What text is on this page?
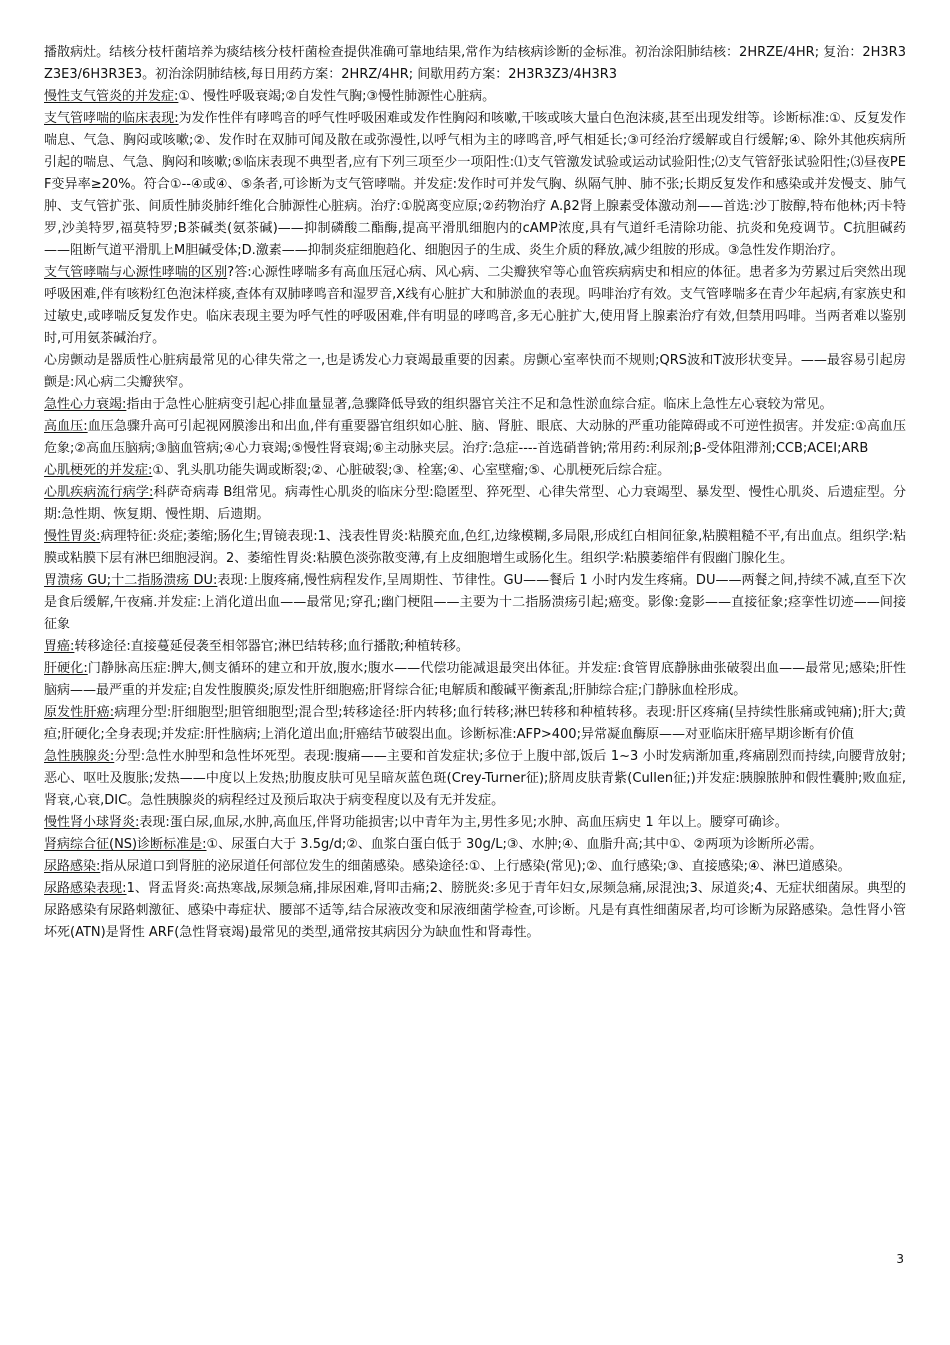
播散病灶。结核分枝杆菌培养为痰结核分枝杆菌检查提供准确可靠地结果,常作为结核病诊断的金标准。初治涂阳肺结核：2HRZE/4HR; 复治：2H3R3Z3E3/6H3R3E3。初治涂阴肺结核,每日用药方案：2HRZ/4HR; 间歇用药方案：2H3R3Z3/4H3R3

慢性支气管炎的并发症:①、慢性呼吸衰竭;②自发性气胸;③慢性肺源性心脏病。

支气管哮喘的临床表现:为发作性伴有哮鸣音的呼气性呼吸困难或发作性胸闷和咳嗽,干咳或咳大量白色泡沫痰,甚至出现发绀等。诊断标准:①、反复发作喘息、气急、胸闷或咳嗽;②、发作时在双肺可闻及散在或弥漫性,以呼气相为主的哮鸣音,呼气相延长;③可经治疗缓解或自行缓解;④、除外其他疾病所引起的喘息、气急、胸闷和咳嗽;⑤临床表现不典型者,应有下列三项至少一项阳性:⑴支气管激发试验或运动试验阳性;⑵支气管舒张试验阳性;⑶昼夜PEF变异率≥20%。符合①--④或④、⑤条者,可诊断为支气管哮喘。并发症:发作时可并发气胸、纵隔气肿、肺不张;长期反复发作和感染或并发慢支、肺气肿、支气管扩张、间质性肺炎肺纤维化合肺源性心脏病。治疗:①脱离变应原;②药物治疗 A.β2肾上腺素受体激动剂——首选:沙丁胺醇,特布他林;丙卡特罗,沙美特罗,福莫特罗;B茶碱类(氨茶碱)——抑制磷酸二酯酶,提高平滑肌细胞内的cAMP浓度,具有气道纤毛清除功能、抗炎和免疫调节。C抗胆碱药——阻断气道平滑肌上M胆碱受体;D.激素——抑制炎症细胞趋化、细胞因子的生成、炎生介质的释放,减少组胺的形成。③急性发作期治疗。

支气管哮喘与心源性哮喘的区别?答:心源性哮喘多有高血压冠心病、风心病、二尖瓣狭窄等心血管疾病病史和相应的体征。患者多为劳累过后突然出现呼吸困难,伴有咳粉红色泡沫样痰,查体有双肺哮鸣音和湿罗音,X线有心脏扩大和肺淤血的表现。吗啡治疗有效。支气管哮喘多在青少年起病,有家族史和过敏史,或哮喘反复发作史。临床表现主要为呼气性的呼吸困难,伴有明显的哮鸣音,多无心脏扩大,使用肾上腺素治疗有效,但禁用吗啡。当两者难以鉴别时,可用氨茶碱治疗。

心房颤动是器质性心脏病最常见的心律失常之一,也是诱发心力衰竭最重要的因素。房颤心室率快而不规则;QRS波和T波形状变异。——最容易引起房颤是:风心病二尖瓣狭窄。

急性心力衰竭:指由于急性心脏病变引起心排血量显著,急骤降低导致的组织器官关注不足和急性淤血综合症。临床上急性左心衰较为常见。

高血压:血压急骤升高可引起视网膜渗出和出血,伴有重要器官组织如心脏、脑、肾脏、眼底、大动脉的严重功能障碍或不可逆性损害。并发症:①高血压危象;②高血压脑病;③脑血管病;④心力衰竭;⑤慢性肾衰竭;⑥主动脉夹层。治疗:急症----首选硝普钠;常用药:利尿剂;β-受体阻滞剂;CCB;ACEI;ARB

心肌梗死的并发症:①、乳头肌功能失调或断裂;②、心脏破裂;③、栓塞;④、心室壁瘤;⑤、心肌梗死后综合症。

心肌疾病流行病学:科萨奇病毒 B组常见。病毒性心肌炎的临床分型:隐匿型、猝死型、心律失常型、心力衰竭型、暴发型、慢性心肌炎、后遗症型。分期:急性期、恢复期、慢性期、后遗期。

慢性胃炎:病理特征:炎症;萎缩;肠化生;胃镜表现:1、浅表性胃炎:粘膜充血,色红,边缘模糊,多局限,形成红白相间征象,粘膜粗糙不平,有出血点。组织学:粘膜或粘膜下层有淋巴细胞浸润。2、萎缩性胃炎:粘膜色淡弥散变薄,有上皮细胞增生或肠化生。组织学:粘膜萎缩伴有假幽门腺化生。

胃溃疡 GU;十二指肠溃疡 DU:表现:上腹疼痛,慢性病程发作,呈周期性、节律性。GU——餐后 1 小时内发生疼痛。DU——两餐之间,持续不减,直至下次是食后缓解,午夜痛.并发症:上消化道出血——最常见;穿孔;幽门梗阻——主要为十二指肠溃疡引起;癌变。影像:龛影——直接征象;痉挛性切迹——间接征象

胃癌:转移途径:直接蔓延侵袭至相邻器官;淋巴结转移;血行播散;种植转移。

肝硬化:门静脉高压症:脾大,侧支循环的建立和开放,腹水;腹水——代偿功能减退最突出体征。并发症:食管胃底静脉曲张破裂出血——最常见;感染;肝性脑病——最严重的并发症;自发性腹膜炎;原发性肝细胞癌;肝肾综合征;电解质和酸碱平衡紊乱;肝肺综合症;门静脉血栓形成。

原发性肝癌:病理分型:肝细胞型;胆管细胞型;混合型;转移途径:肝内转移;血行转移;淋巴转移和种植转移。表现:肝区疼痛(呈持续性胀痛或钝痛);肝大;黄疸;肝硬化;全身表现;并发症:肝性脑病;上消化道出血;肝癌结节破裂出血。诊断标准:AFP>400;异常凝血酶原——对亚临床肝癌早期诊断有价值

急性胰腺炎:分型:急性水肿型和急性坏死型。表现:腹痛——主要和首发症状;多位于上腹中部,饭后 1~3 小时发病渐加重,疼痛剧烈而持续,向腰背放射;恶心、呕吐及腹胀;发热——中度以上发热;肋腹皮肤可见呈暗灰蓝色斑(Crey-Turner征);脐周皮肤青紫(Cullen征;)并发症:胰腺脓肿和假性囊肿;败血症,肾衰,心衰,DIC。急性胰腺炎的病程经过及预后取决于病变程度以及有无并发症。

慢性肾小球肾炎:表现:蛋白尿,血尿,水肿,高血压,伴肾功能损害;以中青年为主,男性多见;水肿、高血压病史 1 年以上。腰穿可确诊。

肾病综合征(NS)诊断标准是:①、尿蛋白大于 3.5g/d;②、血浆白蛋白低于 30g/L;③、水肿;④、血脂升高;其中①、②两项为诊断所必需。

尿路感染:指从尿道口到肾脏的泌尿道任何部位发生的细菌感染。感染途径:①、上行感染(常见);②、血行感染;③、直接感染;④、淋巴道感染。

尿路感染表现:1、肾盂肾炎:高热寒战,尿频急痛,排尿困难,肾叩击痛;2、膀胱炎:多见于青年妇女,尿频急痛,尿混浊;3、尿道炎;4、无症状细菌尿。典型的尿路感染有尿路刺激征、感染中毒症状、腰部不适等,结合尿液改变和尿液细菌学检查,可诊断。凡是有真性细菌尿者,均可诊断为尿路感染。急性肾小管坏死(ATN)是肾性 ARF(急性肾衰竭)最常见的类型,通常按其病因分为缺血性和肾毒性。

3
